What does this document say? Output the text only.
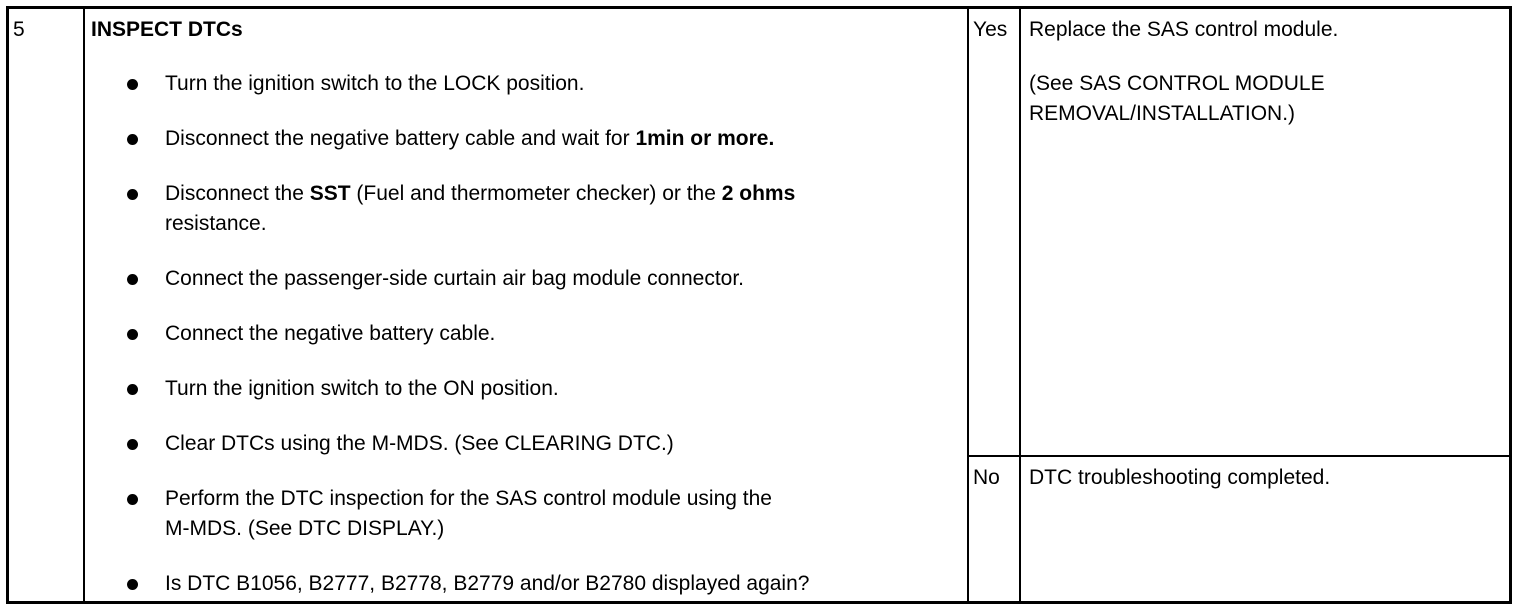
5	INSPECT DTCs
Turn the ignition switch to the LOCK position.
Disconnect the negative battery cable and wait for 1min or more.
Disconnect the SST (Fuel and thermometer checker) or the 2 ohms
resistance.
Connect the passenger-side curtain air bag module connector.
Connect the negative battery cable.
Turn the ignition switch to the ON position.
Clear DTCs using the M-MDS. (See CLEARING DTC.)
Perform the DTC inspection for the SAS control module using the
M-MDS. (See DTC DISPLAY.)
Is DTC B1056, B2777, B2778, B2779 and/or B2780 displayed again?
Yes Replace the SAS control module.
(See SAS CONTROL MODULE
REMOVAL/INSTALLATION.)
No DTC troubleshooting completed.
